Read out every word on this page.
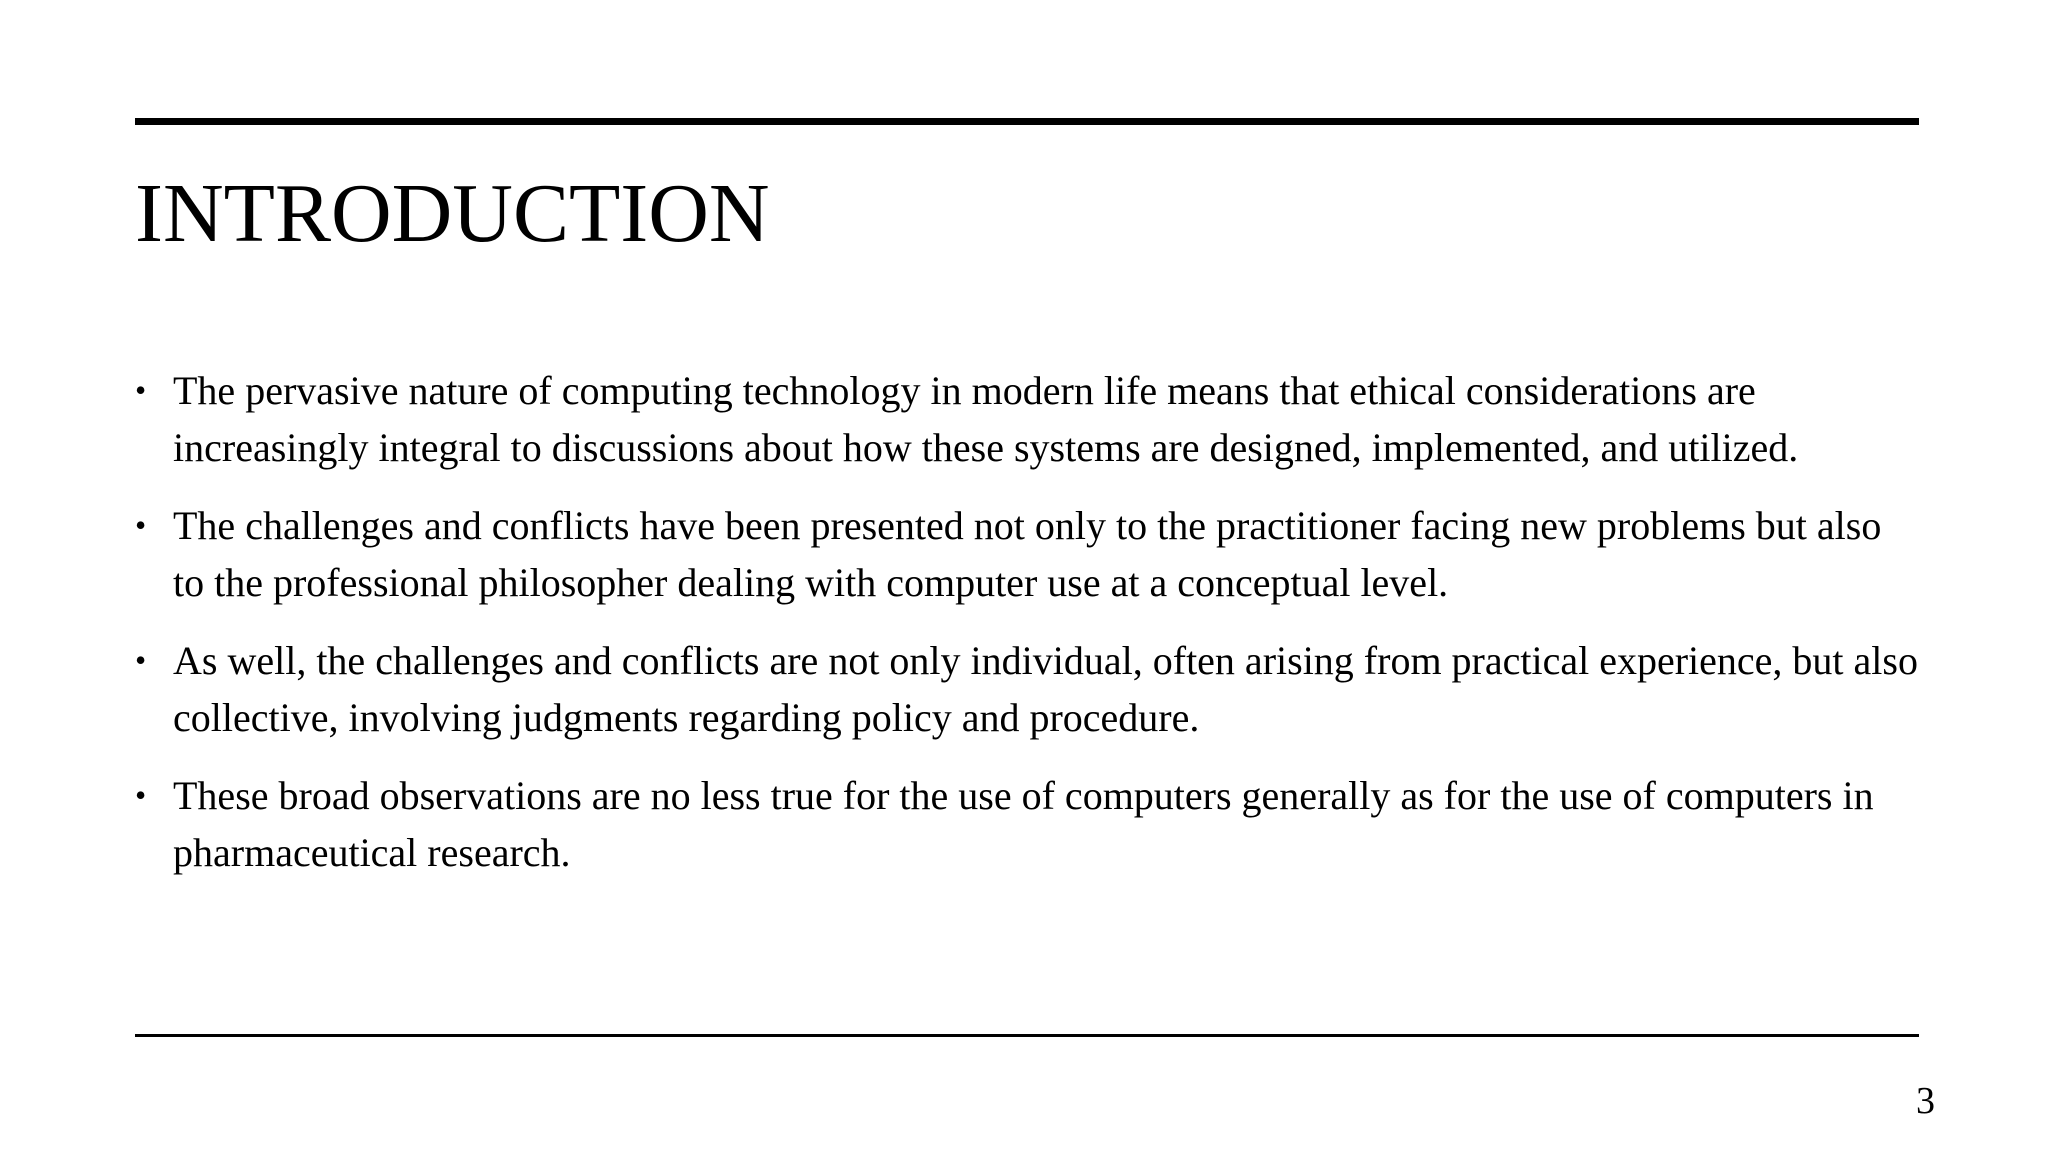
INTRODUCTION
• The pervasive nature of computing technology in modern life means that ethical considerations are increasingly integral to discussions about how these systems are designed, implemented, and utilized.
• The challenges and conflicts have been presented not only to the practitioner facing new problems but also to the professional philosopher dealing with computer use at a conceptual level.
• As well, the challenges and conflicts are not only individual, often arising from practical experience, but also collective, involving judgments regarding policy and procedure.
• These broad observations are no less true for the use of computers generally as for the use of computers in pharmaceutical research.
3
